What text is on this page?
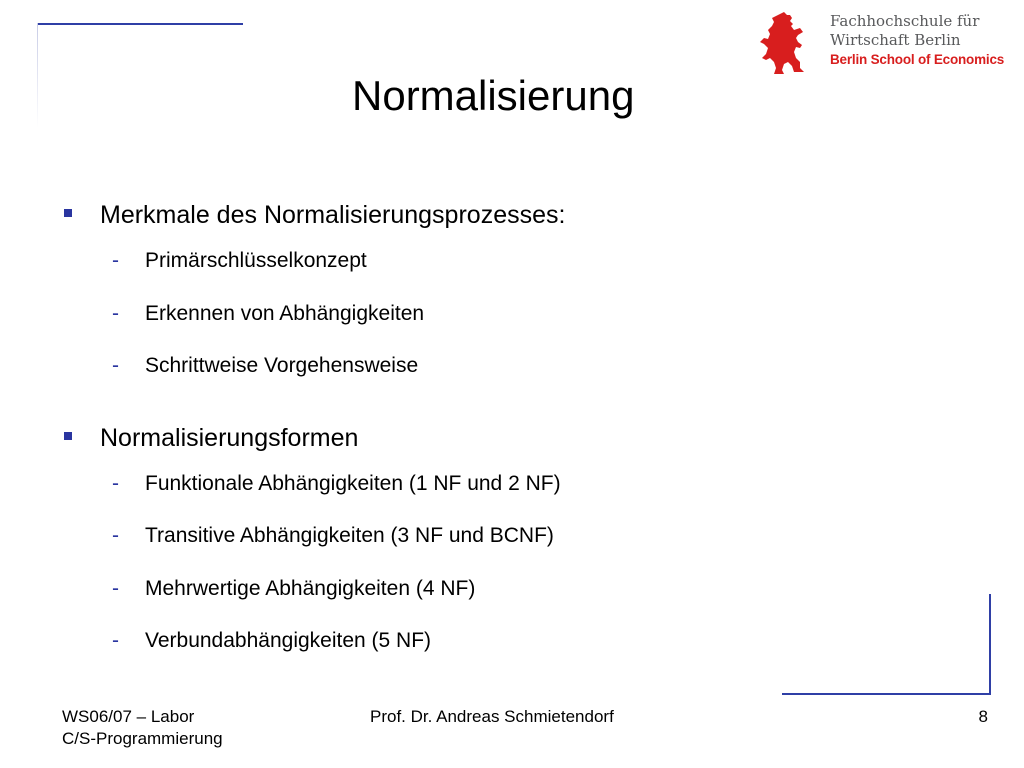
Fachhochschule für
Wirtschaft Berlin
Berlin School of Economics
Normalisierung
Merkmale des Normalisierungsprozesses:
- Primärschlüsselkonzept
- Erkennen von Abhängigkeiten
- Schrittweise Vorgehensweise
Normalisierungsformen
- Funktionale Abhängigkeiten (1 NF und 2 NF)
- Transitive Abhängigkeiten (3 NF und BCNF)
- Mehrwertige Abhängigkeiten (4 NF)
- Verbundabhängigkeiten (5 NF)
WS06/07 – Labor
C/S-Programmierung
Prof. Dr. Andreas Schmietendorf	8
